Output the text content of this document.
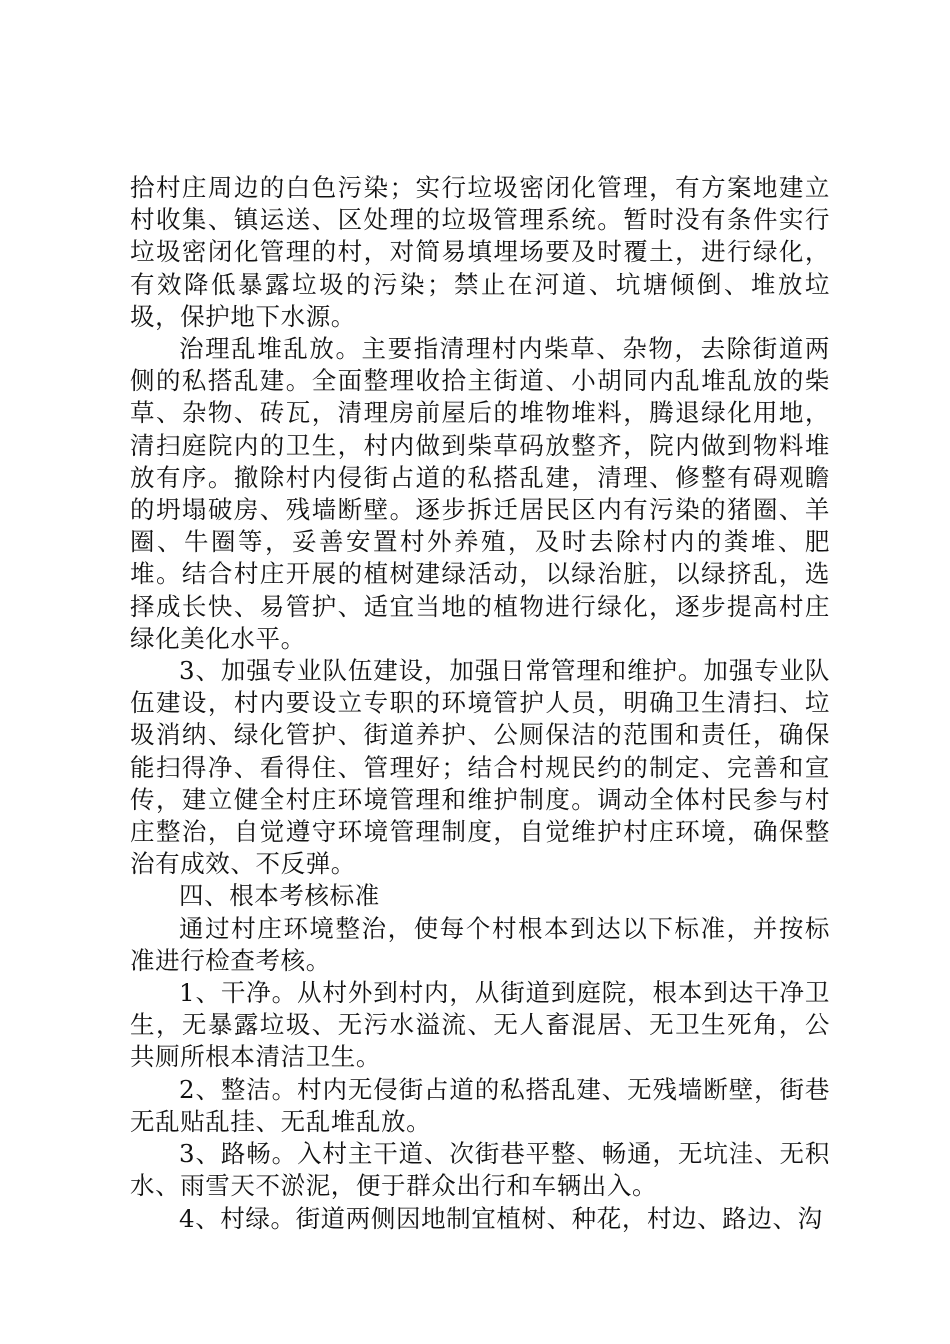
拾村庄周边的白色污染；实行垃圾密闭化管理，有方案地建立村收集、镇运送、区处理的垃圾管理系统。暂时没有条件实行垃圾密闭化管理的村，对简易填埋场要及时覆土，进行绿化，有效降低暴露垃圾的污染；禁止在河道、坑塘倾倒、堆放垃圾，保护地下水源。

治理乱堆乱放。主要指清理村内柴草、杂物，去除街道两侧的私搭乱建。全面整理收拾主街道、小胡同内乱堆乱放的柴草、杂物、砖瓦，清理房前屋后的堆物堆料，腾退绿化用地，清扫庭院内的卫生，村内做到柴草码放整齐，院内做到物料堆放有序。撤除村内侵街占道的私搭乱建，清理、修整有碍观瞻的坍塌破房、残墙断壁。逐步拆迁居民区内有污染的猪圈、羊圈、牛圈等，妥善安置村外养殖，及时去除村内的粪堆、肥堆。结合村庄开展的植树建绿活动，以绿治脏，以绿挤乱，选择成长快、易管护、适宜当地的植物进行绿化，逐步提高村庄绿化美化水平。

3、加强专业队伍建设，加强日常管理和维护。加强专业队伍建设，村内要设立专职的环境管护人员，明确卫生清扫、垃圾消纳、绿化管护、街道养护、公厕保洁的范围和责任，确保能扫得净、看得住、管理好；结合村规民约的制定、完善和宣传，建立健全村庄环境管理和维护制度。调动全体村民参与村庄整治，自觉遵守环境管理制度，自觉维护村庄环境，确保整治有成效、不反弹。

四、根本考核标准

通过村庄环境整治，使每个村根本到达以下标准，并按标准进行检查考核。

1、干净。从村外到村内，从街道到庭院，根本到达干净卫生，无暴露垃圾、无污水溢流、无人畜混居、无卫生死角，公共厕所根本清洁卫生。

2、整洁。村内无侵街占道的私搭乱建、无残墙断壁，街巷无乱贴乱挂、无乱堆乱放。

3、路畅。入村主干道、次街巷平整、畅通，无坑洼、无积水、雨雪天不淤泥，便于群众出行和车辆出入。

4、村绿。街道两侧因地制宜植树、种花，村边、路边、沟
